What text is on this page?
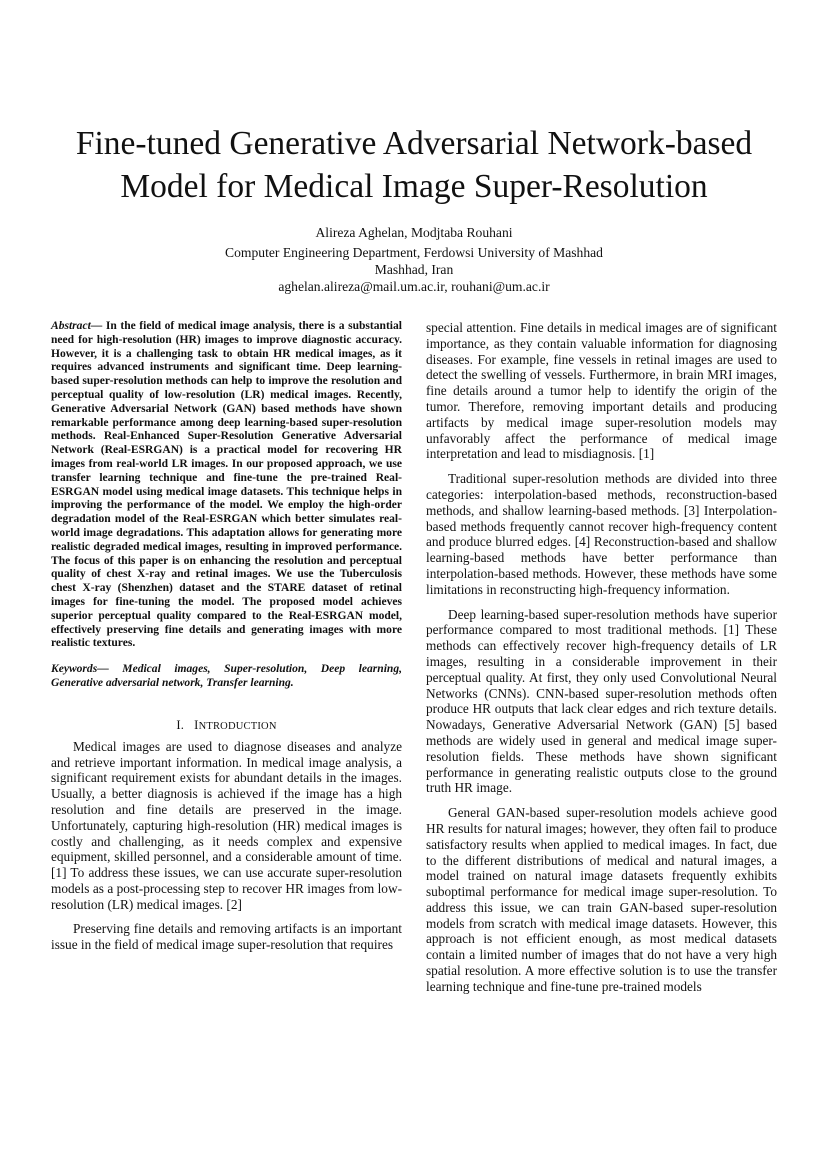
Fine-tuned Generative Adversarial Network-based Model for Medical Image Super-Resolution
Alireza Aghelan, Modjtaba Rouhani
Computer Engineering Department, Ferdowsi University of Mashhad
Mashhad, Iran
aghelan.alireza@mail.um.ac.ir, rouhani@um.ac.ir

Abstract— In the field of medical image analysis, there is a substantial need for high-resolution (HR) images to improve diagnostic accuracy. However, it is a challenging task to obtain HR medical images, as it requires advanced instruments and significant time. Deep learning-based super-resolution methods can help to improve the resolution and perceptual quality of low-resolution (LR) medical images. Recently, Generative Adversarial Network (GAN) based methods have shown remarkable performance among deep learning-based super-resolution methods. Real-Enhanced Super-Resolution Generative Adversarial Network (Real-ESRGAN) is a practical model for recovering HR images from real-world LR images. In our proposed approach, we use transfer learning technique and fine-tune the pre-trained Real-ESRGAN model using medical image datasets. This technique helps in improving the performance of the model. We employ the high-order degradation model of the Real-ESRGAN which better simulates real-world image degradations. This adaptation allows for generating more realistic degraded medical images, resulting in improved performance. The focus of this paper is on enhancing the resolution and perceptual quality of chest X-ray and retinal images. We use the Tuberculosis chest X-ray (Shenzhen) dataset and the STARE dataset of retinal images for fine-tuning the model. The proposed model achieves superior perceptual quality compared to the Real-ESRGAN model, effectively preserving fine details and generating images with more realistic textures.

Keywords— Medical images, Super-resolution, Deep learning, Generative adversarial network, Transfer learning.

I. INTRODUCTION

Medical images are used to diagnose diseases and analyze and retrieve important information. In medical image analysis, a significant requirement exists for abundant details in the images. Usually, a better diagnosis is achieved if the image has a high resolution and fine details are preserved in the image. Unfortunately, capturing high-resolution (HR) medical images is costly and challenging, as it needs complex and expensive equipment, skilled personnel, and a considerable amount of time. [1] To address these issues, we can use accurate super-resolution models as a post-processing step to recover HR images from low-resolution (LR) medical images. [2]

Preserving fine details and removing artifacts is an important issue in the field of medical image super-resolution that requires

special attention. Fine details in medical images are of significant importance, as they contain valuable information for diagnosing diseases. For example, fine vessels in retinal images are used to detect the swelling of vessels. Furthermore, in brain MRI images, fine details around a tumor help to identify the origin of the tumor. Therefore, removing important details and producing artifacts by medical image super-resolution models may unfavorably affect the performance of medical image interpretation and lead to misdiagnosis. [1]

Traditional super-resolution methods are divided into three categories: interpolation-based methods, reconstruction-based methods, and shallow learning-based methods. [3] Interpolation-based methods frequently cannot recover high-frequency content and produce blurred edges. [4] Reconstruction-based and shallow learning-based methods have better performance than interpolation-based methods. However, these methods have some limitations in reconstructing high-frequency information.

Deep learning-based super-resolution methods have superior performance compared to most traditional methods. [1] These methods can effectively recover high-frequency details of LR images, resulting in a considerable improvement in their perceptual quality. At first, they only used Convolutional Neural Networks (CNNs). CNN-based super-resolution methods often produce HR outputs that lack clear edges and rich texture details. Nowadays, Generative Adversarial Network (GAN) [5] based methods are widely used in general and medical image super-resolution fields. These methods have shown significant performance in generating realistic outputs close to the ground truth HR image.

General GAN-based super-resolution models achieve good HR results for natural images; however, they often fail to produce satisfactory results when applied to medical images. In fact, due to the different distributions of medical and natural images, a model trained on natural image datasets frequently exhibits suboptimal performance for medical image super-resolution. To address this issue, we can train GAN-based super-resolution models from scratch with medical image datasets. However, this approach is not efficient enough, as most medical datasets contain a limited number of images that do not have a very high spatial resolution. A more effective solution is to use the transfer learning technique and fine-tune pre-trained models
